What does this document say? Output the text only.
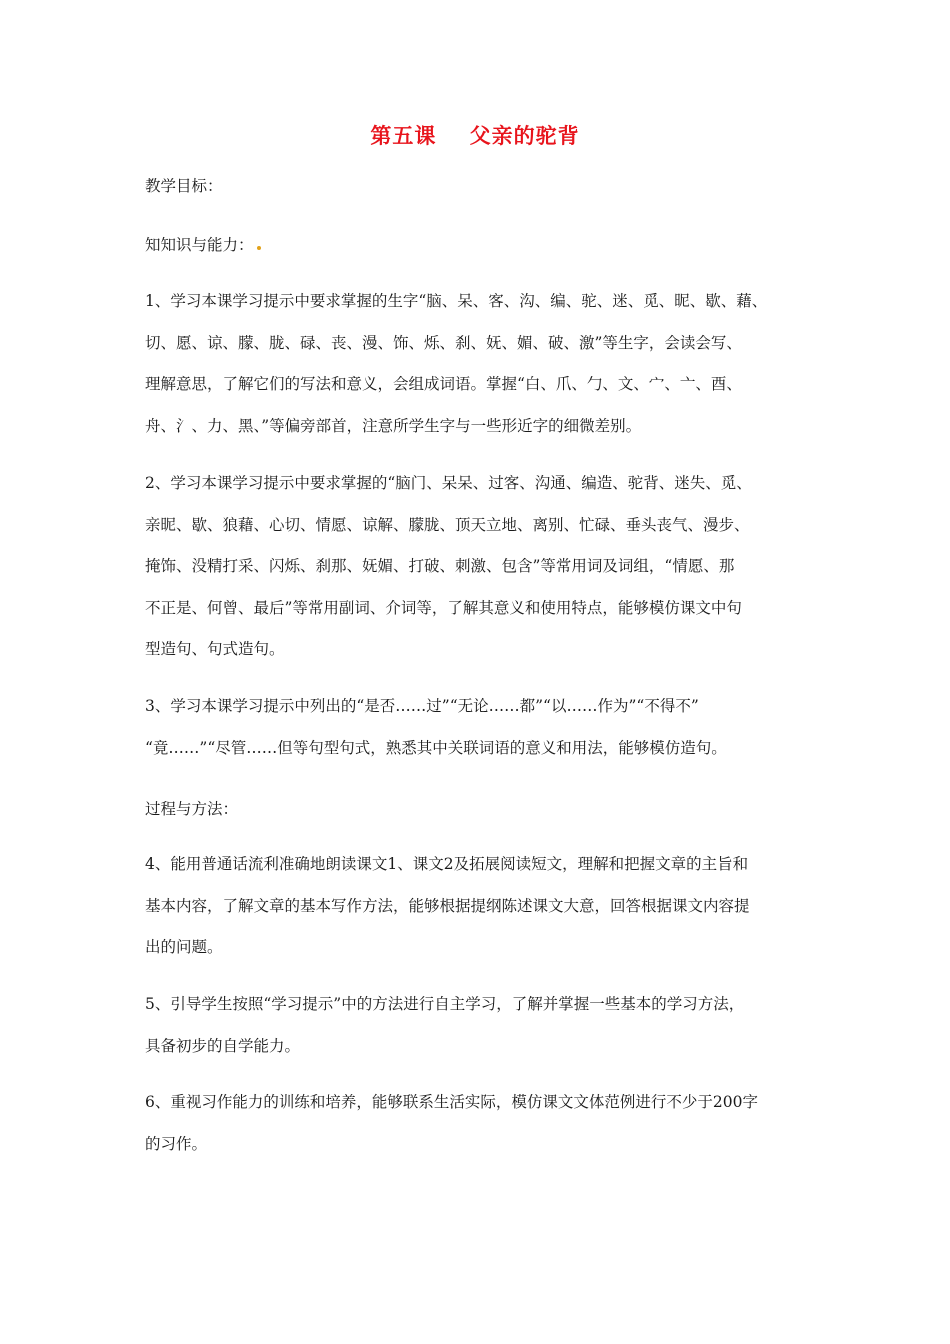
第五课    父亲的驼背
教学目标：
知知识与能力：
1、学习本课学习提示中要求掌握的生字“脑、呆、客、沟、编、驼、迷、觅、昵、歇、藉、
切、愿、谅、朦、胧、碌、丧、漫、饰、烁、刹、妩、媚、破、激”等生字，会读会写、
理解意思，了解它们的写法和意义，会组成词语。掌握“白、爪、勹、文、宀、亠、酉、
舟、氵、力、黑、”等偏旁部首，注意所学生字与一些形近字的细微差别。
2、学习本课学习提示中要求掌握的“脑门、呆呆、过客、沟通、编造、驼背、迷失、觅、
亲昵、歇、狼藉、心切、情愿、谅解、朦胧、顶天立地、离别、忙碌、垂头丧气、漫步、
掩饰、没精打采、闪烁、刹那、妩媚、打破、刺激、包含”等常用词及词组，“情愿、那
不正是、何曾、最后”等常用副词、介词等，了解其意义和使用特点，能够模仿课文中句
型造句、句式造句。
3、学习本课学习提示中列出的“是否……过”“无论……都”“以……作为”“不得不”
“竟……”“尽管……但等句型句式，熟悉其中关联词语的意义和用法，能够模仿造句。
过程与方法：
4、能用普通话流利准确地朗读课文1、课文2及拓展阅读短文，理解和把握文章的主旨和
基本内容，了解文章的基本写作方法，能够根据提纲陈述课文大意，回答根据课文内容提
出的问题。
5、引导学生按照“学习提示”中的方法进行自主学习，了解并掌握一些基本的学习方法，
具备初步的自学能力。
6、重视习作能力的训练和培养，能够联系生活实际，模仿课文文体范例进行不少于200字
的习作。
